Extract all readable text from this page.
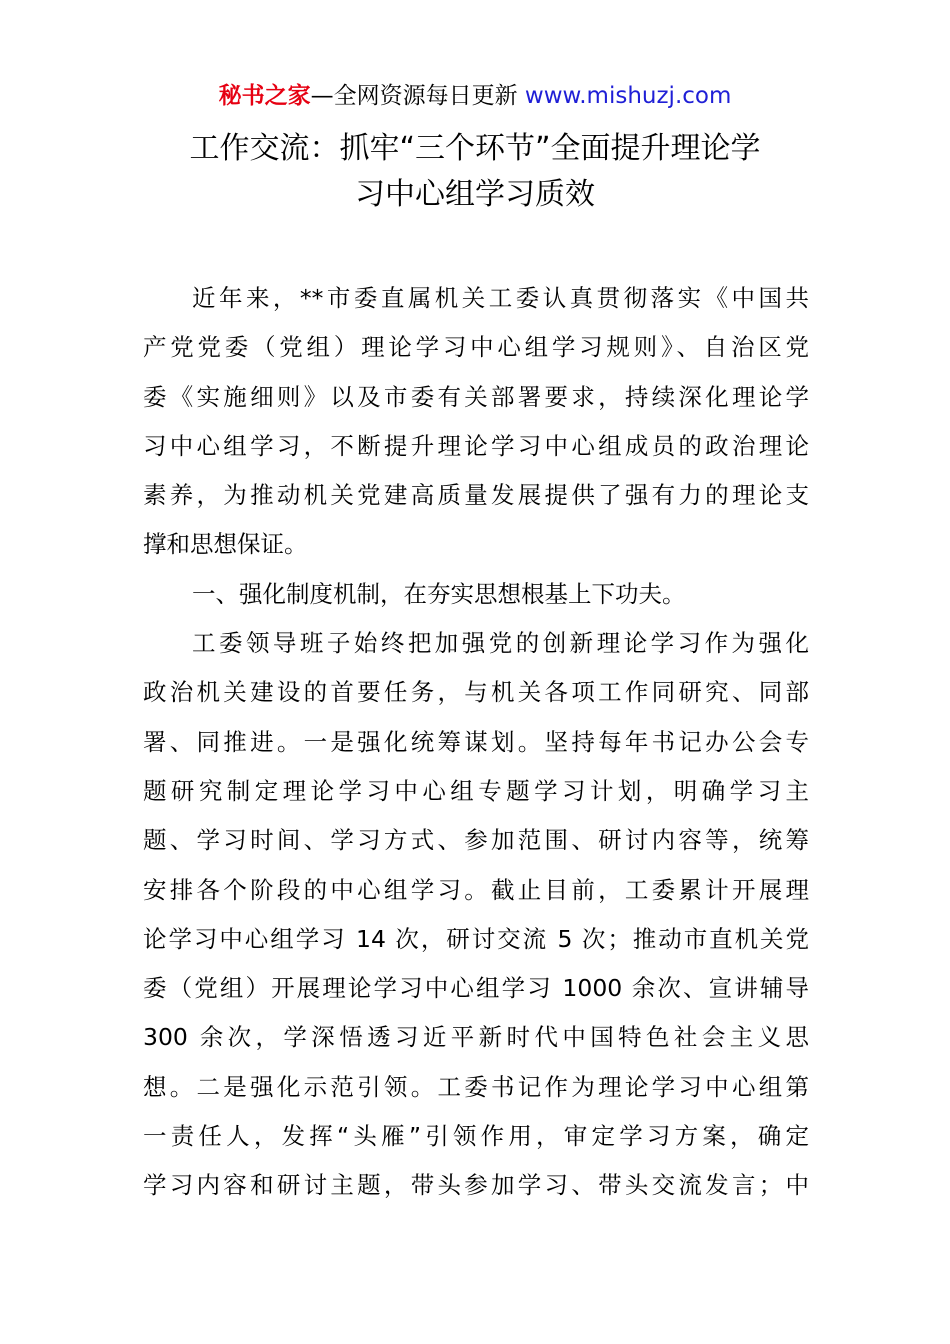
秘书之家—全网资源每日更新 www.mishuzj.com
工作交流：抓牢“三个环节”全面提升理论学
习中心组学习质效
近年来，**市委直属机关工委认真贯彻落实《中国共
产党党委（党组）理论学习中心组学习规则》、自治区党
委《实施细则》以及市委有关部署要求，持续深化理论学
习中心组学习，不断提升理论学习中心组成员的政治理论
素养，为推动机关党建高质量发展提供了强有力的理论支
撑和思想保证。
一、强化制度机制，在夯实思想根基上下功夫。
工委领导班子始终把加强党的创新理论学习作为强化
政治机关建设的首要任务，与机关各项工作同研究、同部
署、同推进。一是强化统筹谋划。坚持每年书记办公会专
题研究制定理论学习中心组专题学习计划，明确学习主
题、学习时间、学习方式、参加范围、研讨内容等，统筹
安排各个阶段的中心组学习。截止目前，工委累计开展理
论学习中心组学习 14 次，研讨交流 5 次；推动市直机关党
委（党组）开展理论学习中心组学习 1000 余次、宣讲辅导
300 余次，学深悟透习近平新时代中国特色社会主义思
想。二是强化示范引领。工委书记作为理论学习中心组第
一责任人，发挥“头雁”引领作用，审定学习方案，确定
学习内容和研讨主题，带头参加学习、带头交流发言；中
